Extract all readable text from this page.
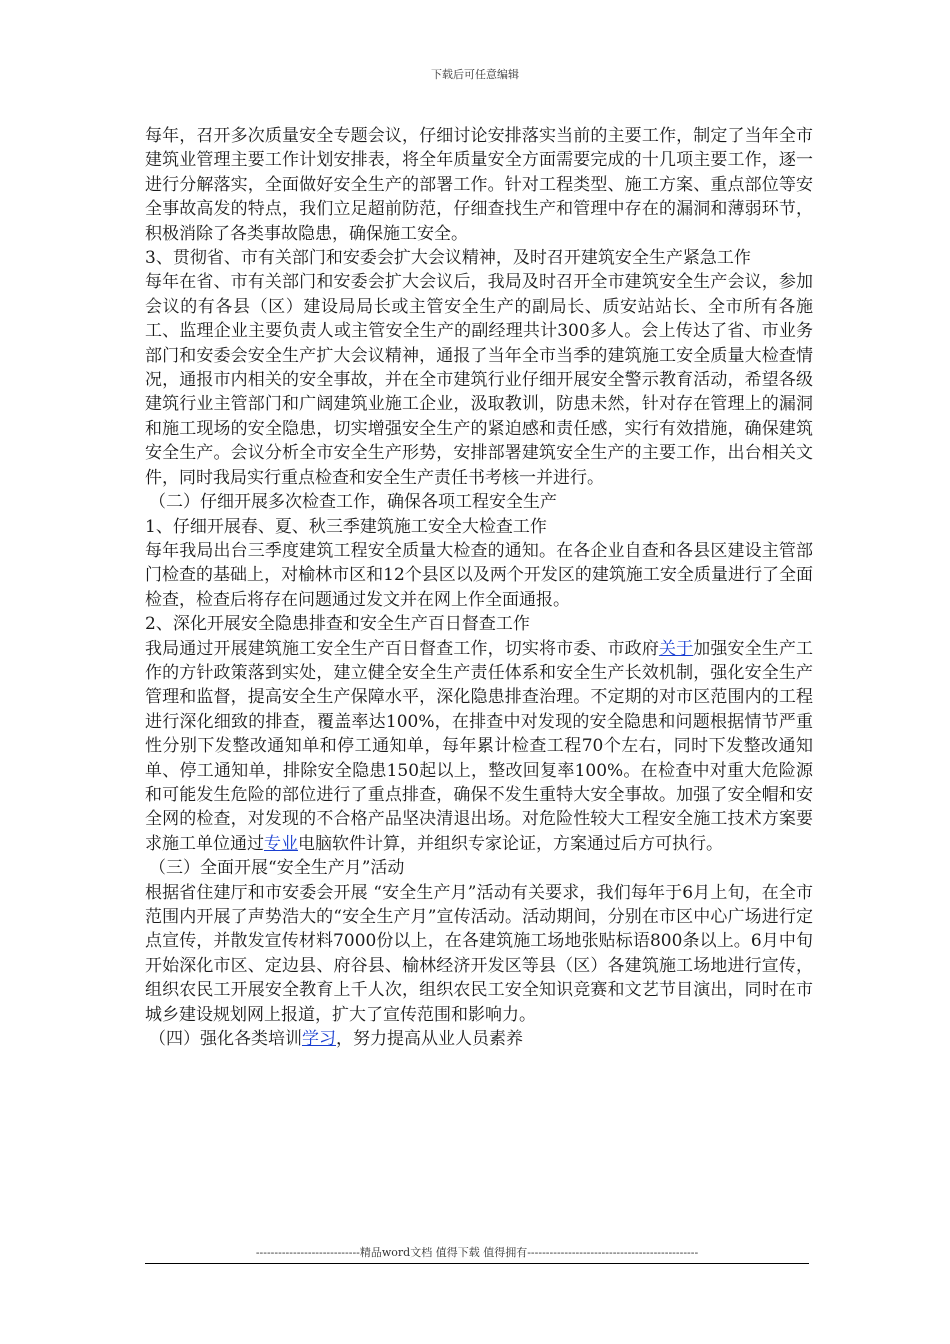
下载后可任意编辑

每年，召开多次质量安全专题会议，仔细讨论安排落实当前的主要工作，制定了当年全市建筑业管理主要工作计划安排表，将全年质量安全方面需要完成的十几项主要工作，逐一进行分解落实，全面做好安全生产的部署工作。针对工程类型、施工方案、重点部位等安全事故高发的特点，我们立足超前防范，仔细查找生产和管理中存在的漏洞和薄弱环节，积极消除了各类事故隐患，确保施工安全。

3、贯彻省、市有关部门和安委会扩大会议精神，及时召开建筑安全生产紧急工作

每年在省、市有关部门和安委会扩大会议后，我局及时召开全市建筑安全生产会议，参加会议的有各县（区）建设局局长或主管安全生产的副局长、质安站站长、全市所有各施工、监理企业主要负责人或主管安全生产的副经理共计300多人。会上传达了省、市业务部门和安委会安全生产扩大会议精神，通报了当年全市当季的建筑施工安全质量大检查情况，通报市内相关的安全事故，并在全市建筑行业仔细开展安全警示教育活动，希望各级建筑行业主管部门和广阔建筑业施工企业，汲取教训，防患未然，针对存在管理上的漏洞和施工现场的安全隐患，切实增强安全生产的紧迫感和责任感，实行有效措施，确保建筑安全生产。会议分析全市安全生产形势，安排部署建筑安全生产的主要工作，出台相关文件，同时我局实行重点检查和安全生产责任书考核一并进行。

（二）仔细开展多次检查工作，确保各项工程安全生产

1、仔细开展春、夏、秋三季建筑施工安全大检查工作

每年我局出台三季度建筑工程安全质量大检查的通知。在各企业自查和各县区建设主管部门检查的基础上，对榆林市区和12个县区以及两个开发区的建筑施工安全质量进行了全面检查，检查后将存在问题通过发文并在网上作全面通报。

2、深化开展安全隐患排查和安全生产百日督查工作

我局通过开展建筑施工安全生产百日督查工作，切实将市委、市政府关于加强安全生产工作的方针政策落到实处，建立健全安全生产责任体系和安全生产长效机制，强化安全生产管理和监督，提高安全生产保障水平，深化隐患排查治理。不定期的对市区范围内的工程进行深化细致的排查，覆盖率达100%，在排查中对发现的安全隐患和问题根据情节严重性分别下发整改通知单和停工通知单，每年累计检查工程70个左右，同时下发整改通知单、停工通知单，排除安全隐患150起以上，整改回复率100%。在检查中对重大危险源和可能发生危险的部位进行了重点排查，确保不发生重特大安全事故。加强了安全帽和安全网的检查，对发现的不合格产品坚决清退出场。对危险性较大工程安全施工技术方案要求施工单位通过专业电脑软件计算，并组织专家论证，方案通过后方可执行。

（三）全面开展“安全生产月”活动

根据省住建厅和市安委会开展 “安全生产月”活动有关要求，我们每年于6月上旬，在全市范围内开展了声势浩大的“安全生产月”宣传活动。活动期间，分别在市区中心广场进行定点宣传，并散发宣传材料7000份以上，在各建筑施工场地张贴标语800条以上。6月中旬开始深化市区、定边县、府谷县、榆林经济开发区等县（区）各建筑施工场地进行宣传，组织农民工开展安全教育上千人次，组织农民工安全知识竞赛和文艺节目演出，同时在市城乡建设规划网上报道，扩大了宣传范围和影响力。

（四）强化各类培训学习，努力提高从业人员素养

----------------------------精品word文档 值得下载 值得拥有----------------------------------------------
